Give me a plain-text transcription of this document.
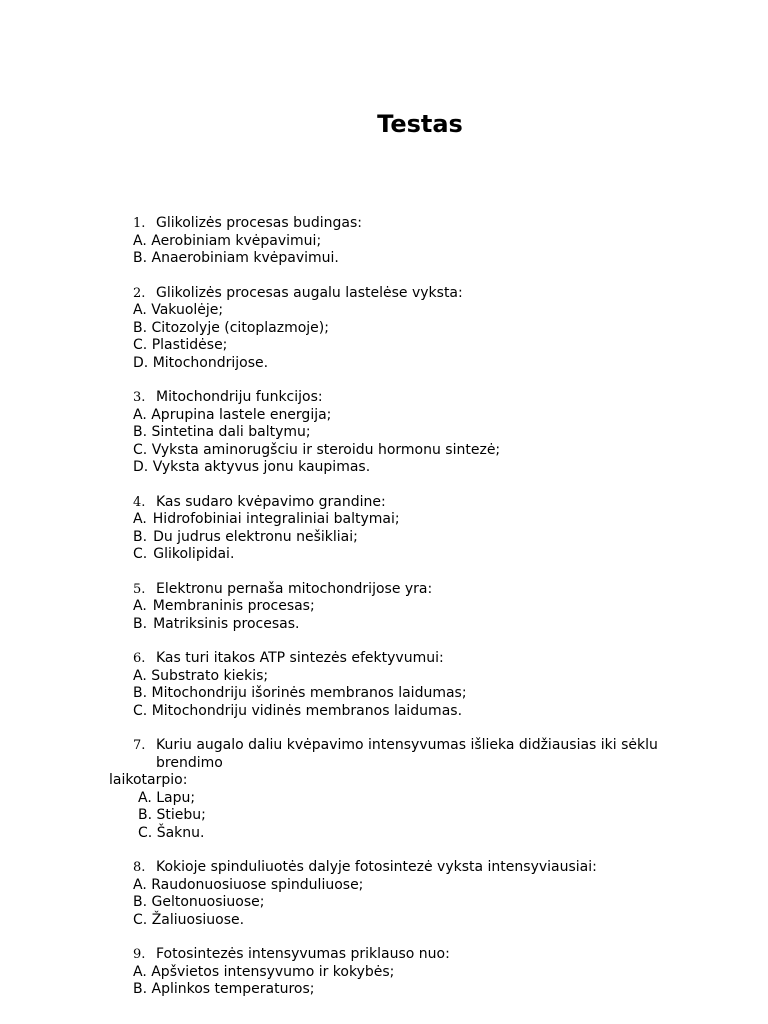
Testas
1. Glikolizės procesas budingas:
A. Aerobiniam kvėpavimui;
B. Anaerobiniam kvėpavimui.
2. Glikolizės procesas augalu lastelėse vyksta:
A. Vakuolėje;
B. Citozolyje (citoplazmoje);
C. Plastidėse;
D. Mitochondrijose.
3. Mitochondriju funkcijos:
A. Aprupina lastele energija;
B. Sintetina dali baltymu;
C. Vyksta aminorugšciu ir steroidu hormonu sintezė;
D. Vyksta aktyvus jonu kaupimas.
4. Kas sudaro kvėpavimo grandine:
A. Hidrofobiniai integraliniai baltymai;
B. Du judrus elektronu nešikliai;
C. Glikolipidai.
5. Elektronu pernaša mitochondrijose yra:
A. Membraninis procesas;
B. Matriksinis procesas.
6. Kas turi itakos ATP sintezės efektyvumui:
A. Substrato kiekis;
B. Mitochondriju išorinės membranos laidumas;
C. Mitochondriju vidinės membranos laidumas.
7. Kuriu augalo daliu kvėpavimo intensyvumas išlieka didžiausias iki sėklu
brendimo
laikotarpio:
A. Lapu;
B. Stiebu;
C. Šaknu.
8. Kokioje spinduliuotės dalyje fotosintezė vyksta intensyviausiai:
A. Raudonuosiuose spinduliuose;
B. Geltonuosiuose;
C. Žaliuosiuose.
9. Fotosintezės intensyvumas priklauso nuo:
A. Apšvietos intensyvumo ir kokybės;
B. Aplinkos temperaturos;
